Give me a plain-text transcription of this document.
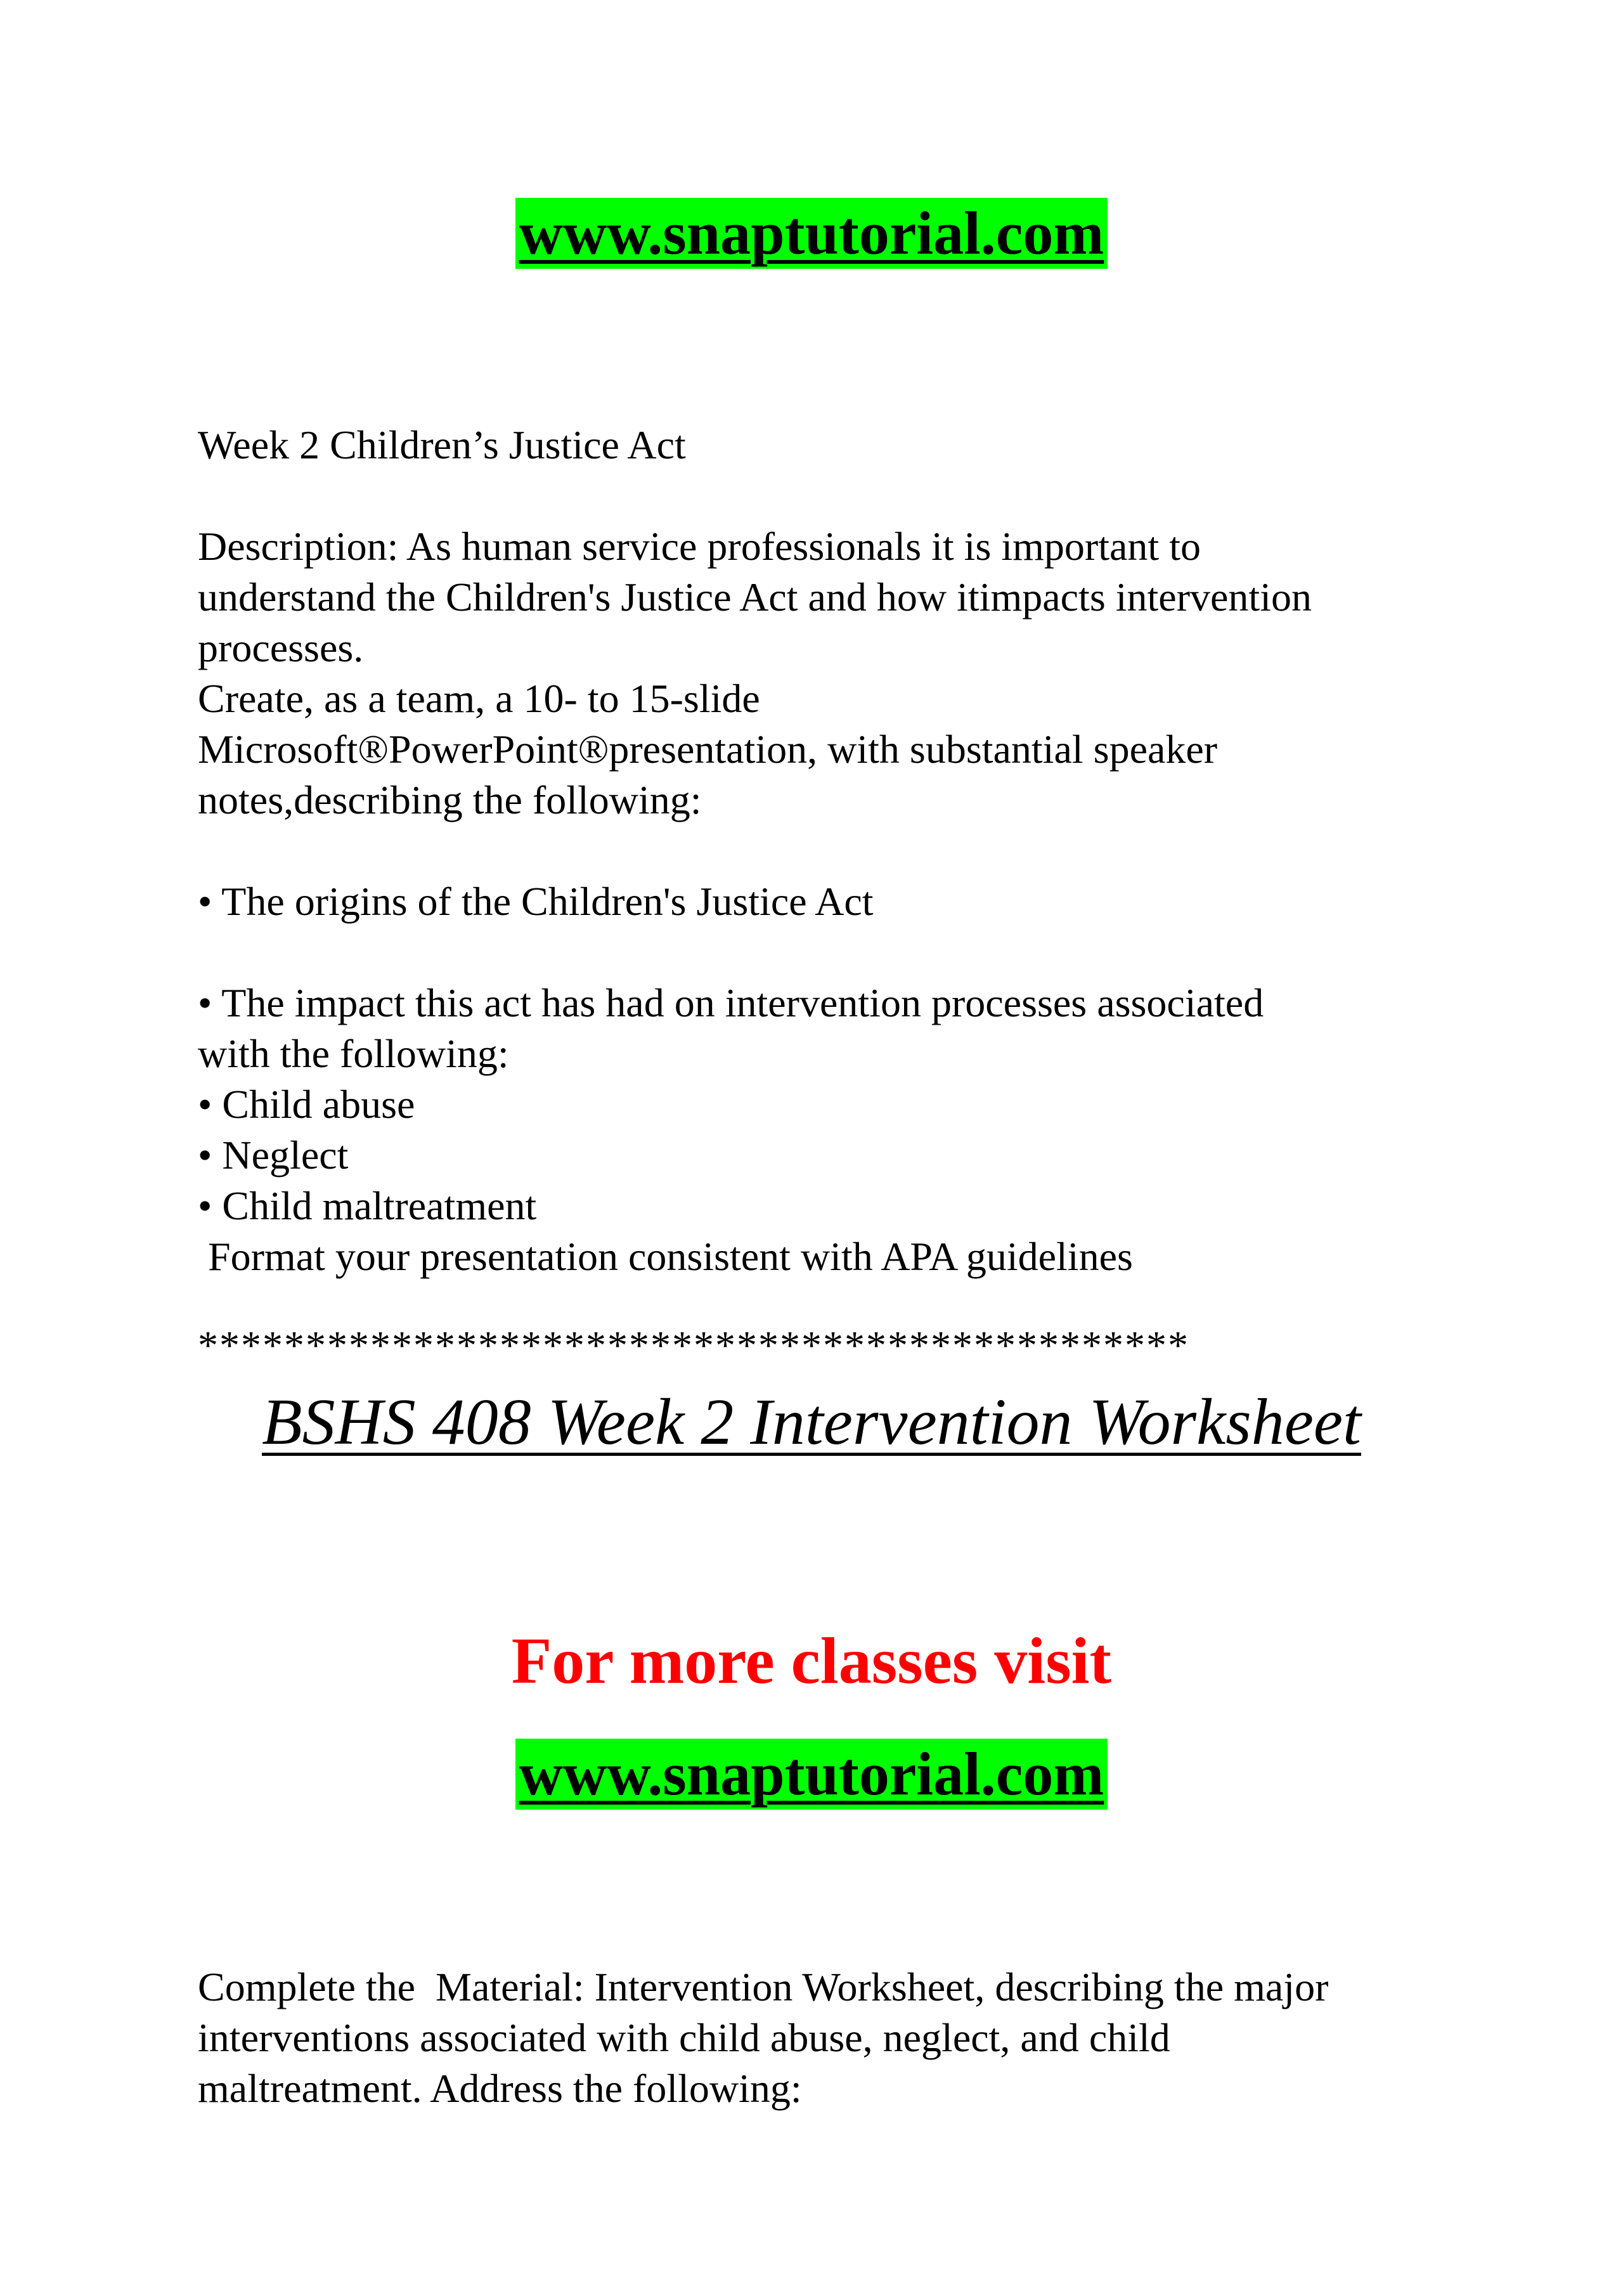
www.snaptutorial.com
Week 2 Children’s Justice Act
Description: As human service professionals it is important to
understand the Children's Justice Act and how itimpacts intervention
processes.
Create, as a team, a 10- to 15-slide
Microsoft®PowerPoint®presentation, with substantial speaker
notes,describing the following:
• The origins of the Children's Justice Act
• The impact this act has had on intervention processes associated
with the following:
• Child abuse
• Neglect
• Child maltreatment
Format your presentation consistent with APA guidelines
**********************************************
BSHS 408 Week 2 Intervention Worksheet
For more classes visit
www.snaptutorial.com
Complete the  Material: Intervention Worksheet, describing the major
interventions associated with child abuse, neglect, and child
maltreatment. Address the following:
